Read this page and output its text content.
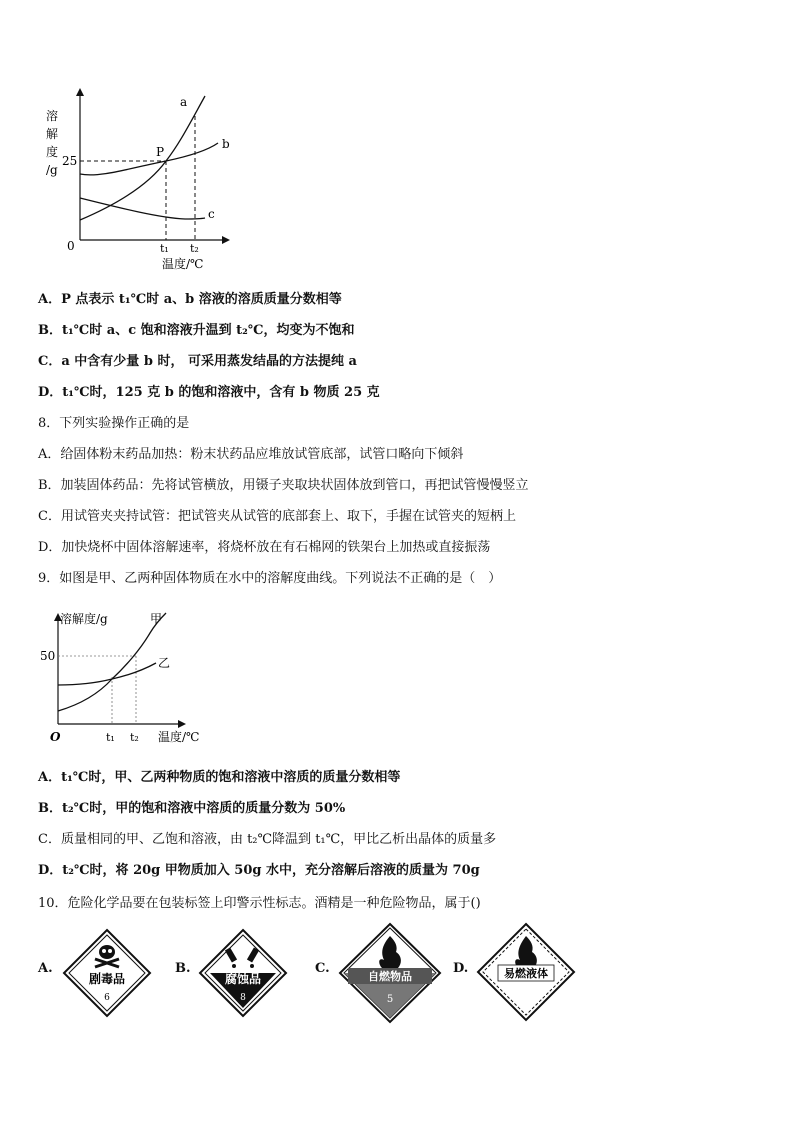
25
0	t₁ t₂
温度/℃
P
a
b
c
溶
解
度
/g
A．P 点表示 t₁℃时 a、b 溶液的溶质质量分数相等
B．t₁℃时 a、c 饱和溶液升温到 t₂℃，均变为不饱和
C．a 中含有少量 b 时， 可采用蒸发结晶的方法提纯 a
D．t₁℃时，125 克 b 的饱和溶液中，含有 b 物质 25 克
8．下列实验操作正确的是
A．给固体粉末药品加热：粉末状药品应堆放试管底部，试管口略向下倾斜
B．加装固体药品：先将试管横放，用镊子夹取块状固体放到管口，再把试管慢慢竖立
C．用试管夹夹持试管：把试管夹从试管的底部套上、取下，手握在试管夹的短柄上
D．加快烧杯中固体溶解速率，将烧杯放在有石棉网的铁架台上加热或直接振荡
9．如图是甲、乙两种固体物质在水中的溶解度曲线。下列说法不正确的是（　）
溶解度/g
50
O	t₁ t₂ 温度/℃
甲
乙
A．t₁℃时，甲、乙两种物质的饱和溶液中溶质的质量分数相等
B．t₂℃时，甲的饱和溶液中溶质的质量分数为 50%
C．质量相同的甲、乙饱和溶液，由 t₂℃降温到 t₁℃，甲比乙析出晶体的质量多
D．t₂℃时，将 20g 甲物质加入 50g 水中，充分溶解后溶液的质量为 70g
10．危险化学品要在包装标签上印警示性标志。酒精是一种危险物品，属于()
A.
剧毒品
6
B.
腐蚀品
8
C.
自燃物品
5
D.	易燃液体
